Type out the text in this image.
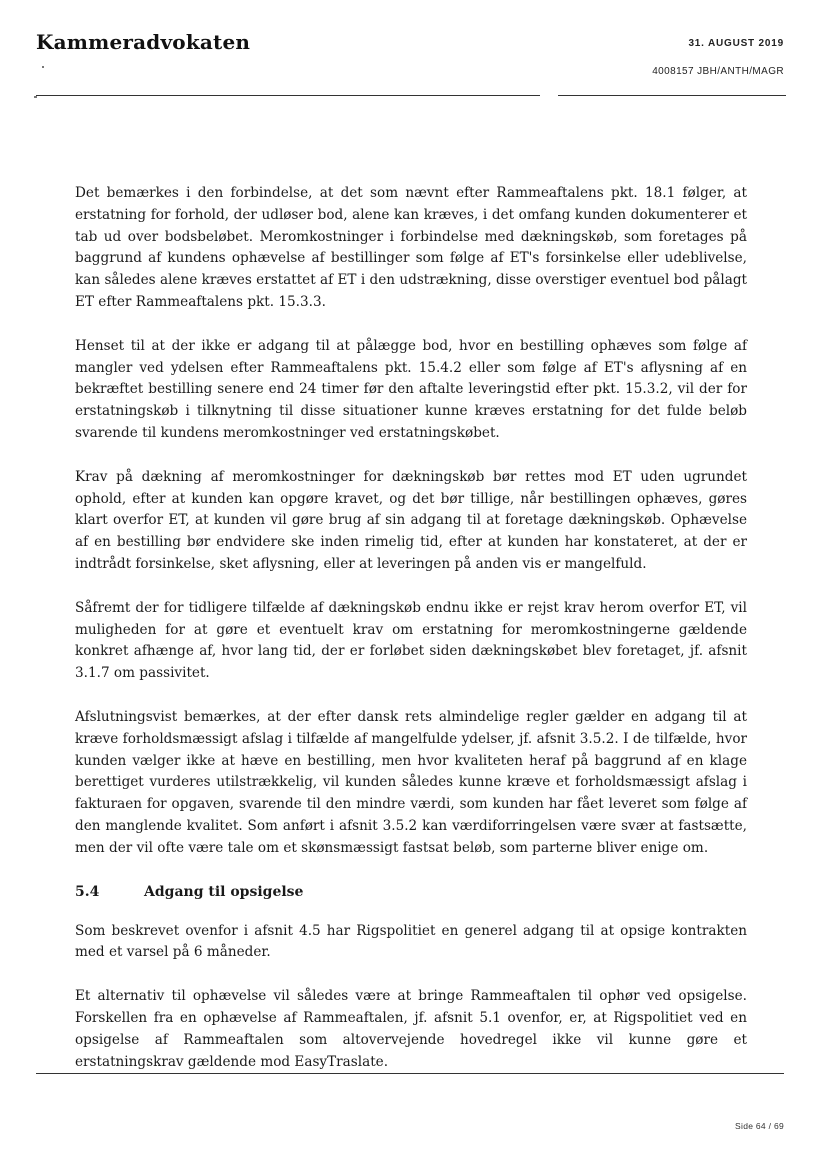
Kammeradvokaten	31. AUGUST 2019
4008157 JBH/ANTH/MAGR

Det bemærkes i den forbindelse, at det som nævnt efter Rammeaftalens pkt. 18.1 følger, at erstatning for forhold, der udløser bod, alene kan kræves, i det omfang kunden dokumenterer et tab ud over bodsbeløbet. Meromkostninger i forbindelse med dækningskøb, som foretages på baggrund af kundens ophævelse af bestillinger som følge af ET's forsinkelse eller udeblivelse, kan således alene kræves erstattet af ET i den udstrækning, disse overstiger eventuel bod pålagt ET efter Rammeaftalens pkt. 15.3.3.

Henset til at der ikke er adgang til at pålægge bod, hvor en bestilling ophæves som følge af mangler ved ydelsen efter Rammeaftalens pkt. 15.4.2 eller som følge af ET's aflysning af en bekræftet bestilling senere end 24 timer før den aftalte leveringstid efter pkt. 15.3.2, vil der for erstatningskøb i tilknytning til disse situationer kunne kræves erstatning for det fulde beløb svarende til kundens meromkostninger ved erstatningskøbet.

Krav på dækning af meromkostninger for dækningskøb bør rettes mod ET uden ugrundet ophold, efter at kunden kan opgøre kravet, og det bør tillige, når bestillingen ophæves, gøres klart overfor ET, at kunden vil gøre brug af sin adgang til at foretage dækningskøb. Ophævelse af en bestilling bør endvidere ske inden rimelig tid, efter at kunden har konstateret, at der er indtrådt forsinkelse, sket aflysning, eller at leveringen på anden vis er mangelfuld.

Såfremt der for tidligere tilfælde af dækningskøb endnu ikke er rejst krav herom overfor ET, vil muligheden for at gøre et eventuelt krav om erstatning for meromkostningerne gældende konkret afhænge af, hvor lang tid, der er forløbet siden dækningskøbet blev foretaget, jf. afsnit 3.1.7 om passivitet.

Afslutningsvist bemærkes, at der efter dansk rets almindelige regler gælder en adgang til at kræve forholdsmæssigt afslag i tilfælde af mangelfulde ydelser, jf. afsnit 3.5.2. I de tilfælde, hvor kunden vælger ikke at hæve en bestilling, men hvor kvaliteten heraf på baggrund af en klage berettiget vurderes utilstrækkelig, vil kunden således kunne kræve et forholdsmæssigt afslag i fakturaen for opgaven, svarende til den mindre værdi, som kunden har fået leveret som følge af den manglende kvalitet. Som anført i afsnit 3.5.2 kan værdiforringelsen være svær at fastsætte, men der vil ofte være tale om et skønsmæssigt fastsat beløb, som parterne bliver enige om.

5.4	Adgang til opsigelse

Som beskrevet ovenfor i afsnit 4.5 har Rigspolitiet en generel adgang til at opsige kontrakten med et varsel på 6 måneder.

Et alternativ til ophævelse vil således være at bringe Rammeaftalen til ophør ved opsigelse. Forskellen fra en ophævelse af Rammeaftalen, jf. afsnit 5.1 ovenfor, er, at Rigspolitiet ved en opsigelse af Rammeaftalen som altovervejende hovedregel ikke vil kunne gøre et erstatningskrav gældende mod EasyTraslate.

Side 64 / 69
